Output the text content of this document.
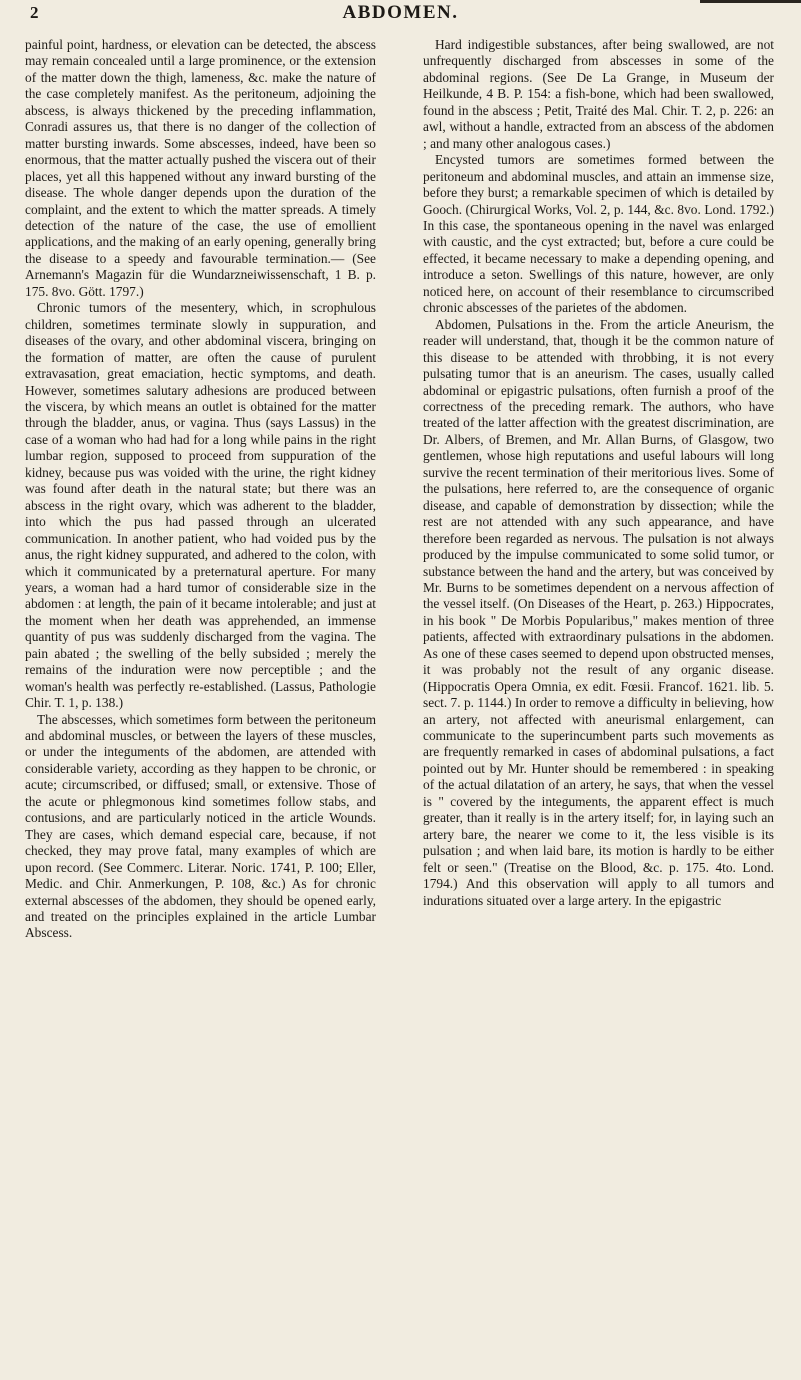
2	ABDOMEN.

painful point, hardness, or elevation can be detected, the abscess may remain concealed until a large prominence, or the extension of the matter down the thigh, lameness, &c. make the nature of the case completely manifest. As the peritoneum, adjoining the abscess, is always thickened by the preceding inflammation, Conradi assures us, that there is no danger of the collection of matter bursting inwards. Some abscesses, indeed, have been so enormous, that the matter actually pushed the viscera out of their places, yet all this happened without any inward bursting of the disease. The whole danger depends upon the duration of the complaint, and the extent to which the matter spreads. A timely detection of the nature of the case, the use of emollient applications, and the making of an early opening, generally bring the disease to a speedy and favourable termination.— (See Arnemann's Magazin für die Wundarzneiwissenschaft, 1 B. p. 175. 8vo. Gött. 1797.)

Chronic tumors of the mesentery, which, in scrophulous children, sometimes terminate slowly in suppuration, and diseases of the ovary, and other abdominal viscera, bringing on the formation of matter, are often the cause of purulent extravasation, great emaciation, hectic symptoms, and death. However, sometimes salutary adhesions are produced between the viscera, by which means an outlet is obtained for the matter through the bladder, anus, or vagina. Thus (says Lassus) in the case of a woman who had had for a long while pains in the right lumbar region, supposed to proceed from suppuration of the kidney, because pus was voided with the urine, the right kidney was found after death in the natural state; but there was an abscess in the right ovary, which was adherent to the bladder, into which the pus had passed through an ulcerated communication. In another patient, who had voided pus by the anus, the right kidney suppurated, and adhered to the colon, with which it communicated by a preternatural aperture. For many years, a woman had a hard tumor of considerable size in the abdomen : at length, the pain of it became intolerable; and just at the moment when her death was apprehended, an immense quantity of pus was suddenly discharged from the vagina. The pain abated ; the swelling of the belly subsided ; merely the remains of the induration were now perceptible ; and the woman's health was perfectly re-established. (Lassus, Pathologie Chir. T. 1, p. 138.)

The abscesses, which sometimes form between the peritoneum and abdominal muscles, or between the layers of these muscles, or under the integuments of the abdomen, are attended with considerable variety, according as they happen to be chronic, or acute; circumscribed, or diffused; small, or extensive. Those of the acute or phlegmonous kind sometimes follow stabs, and contusions, and are particularly noticed in the article Wounds. They are cases, which demand especial care, because, if not checked, they may prove fatal, many examples of which are upon record. (See Commerc. Literar. Noric. 1741, P. 100; Eller, Medic. and Chir. Anmerkungen, P. 108, &c.) As for chronic external abscesses of the abdomen, they should be opened early, and treated on the principles explained in the article Lumbar Abscess.

Hard indigestible substances, after being swallowed, are not unfrequently discharged from abscesses in some of the abdominal regions. (See De La Grange, in Museum der Heilkunde, 4 B. P. 154: a fish-bone, which had been swallowed, found in the abscess ; Petit, Traité des Mal. Chir. T. 2, p. 226: an awl, without a handle, extracted from an abscess of the abdomen ; and many other analogous cases.)

Encysted tumors are sometimes formed between the peritoneum and abdominal muscles, and attain an immense size, before they burst; a remarkable specimen of which is detailed by Gooch. (Chirurgical Works, Vol. 2, p. 144, &c. 8vo. Lond. 1792.) In this case, the spontaneous opening in the navel was enlarged with caustic, and the cyst extracted; but, before a cure could be effected, it became necessary to make a depending opening, and introduce a seton. Swellings of this nature, however, are only noticed here, on account of their resemblance to circumscribed chronic abscesses of the parietes of the abdomen.

Abdomen, Pulsations in the. From the article Aneurism, the reader will understand, that, though it be the common nature of this disease to be attended with throbbing, it is not every pulsating tumor that is an aneurism. The cases, usually called abdominal or epigastric pulsations, often furnish a proof of the correctness of the preceding remark. The authors, who have treated of the latter affection with the greatest discrimination, are Dr. Albers, of Bremen, and Mr. Allan Burns, of Glasgow, two gentlemen, whose high reputations and useful labours will long survive the recent termination of their meritorious lives. Some of the pulsations, here referred to, are the consequence of organic disease, and capable of demonstration by dissection; while the rest are not attended with any such appearance, and have therefore been regarded as nervous. The pulsation is not always produced by the impulse communicated to some solid tumor, or substance between the hand and the artery, but was conceived by Mr. Burns to be sometimes dependent on a nervous affection of the vessel itself. (On Diseases of the Heart, p. 263.) Hippocrates, in his book " De Morbis Popularibus," makes mention of three patients, affected with extraordinary pulsations in the abdomen. As one of these cases seemed to depend upon obstructed menses, it was probably not the result of any organic disease. (Hippocratis Opera Omnia, ex edit. Fœsii. Francof. 1621. lib. 5. sect. 7. p. 1144.) In order to remove a difficulty in believing, how an artery, not affected with aneurismal enlargement, can communicate to the superincumbent parts such movements as are frequently remarked in cases of abdominal pulsations, a fact pointed out by Mr. Hunter should be remembered : in speaking of the actual dilatation of an artery, he says, that when the vessel is " covered by the integuments, the apparent effect is much greater, than it really is in the artery itself; for, in laying such an artery bare, the nearer we come to it, the less visible is its pulsation ; and when laid bare, its motion is hardly to be either felt or seen." (Treatise on the Blood, &c. p. 175. 4to. Lond. 1794.) And this observation will apply to all tumors and indurations situated over a large artery. In the epigastric
